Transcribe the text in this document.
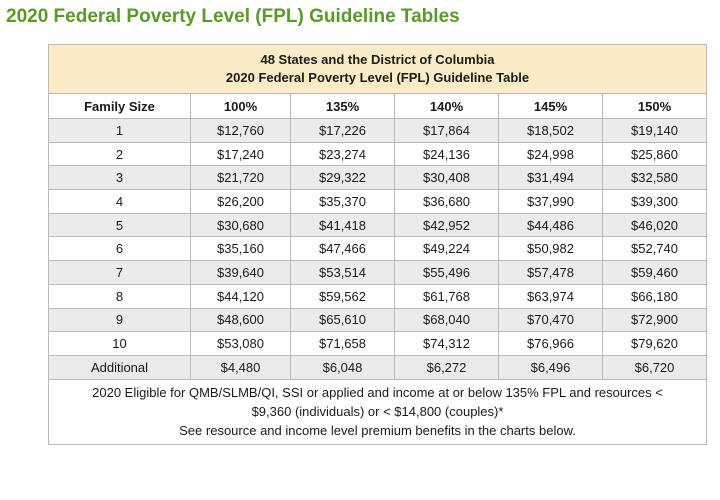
2020 Federal Poverty Level (FPL) Guideline Tables
48 States and the District of Columbia
2020 Federal Poverty Level (FPL) Guideline Table					

Family Size	100%	135%	140%	145%	150%
1	$12,760	$17,226	$17,864	$18,502	$19,140
2	$17,240	$23,274	$24,136	$24,998	$25,860
3	$21,720	$29,322	$30,408	$31,494	$32,580
4	$26,200	$35,370	$36,680	$37,990	$39,300
5	$30,680	$41,418	$42,952	$44,486	$46,020
6	$35,160	$47,466	$49,224	$50,982	$52,740
7	$39,640	$53,514	$55,496	$57,478	$59,460
8	$44,120	$59,562	$61,768	$63,974	$66,180
9	$48,600	$65,610	$68,040	$70,470	$72,900
10	$53,080	$71,658	$74,312	$76,966	$79,620
Additional	$4,480	$6,048	$6,272	$6,496	$6,720

2020 Eligible for QMB/SLMB/QI, SSI or applied and income at or below 135% FPL and resources <
$9,360 (individuals) or < $14,800 (couples)*
See resource and income level premium benefits in the charts below.					
